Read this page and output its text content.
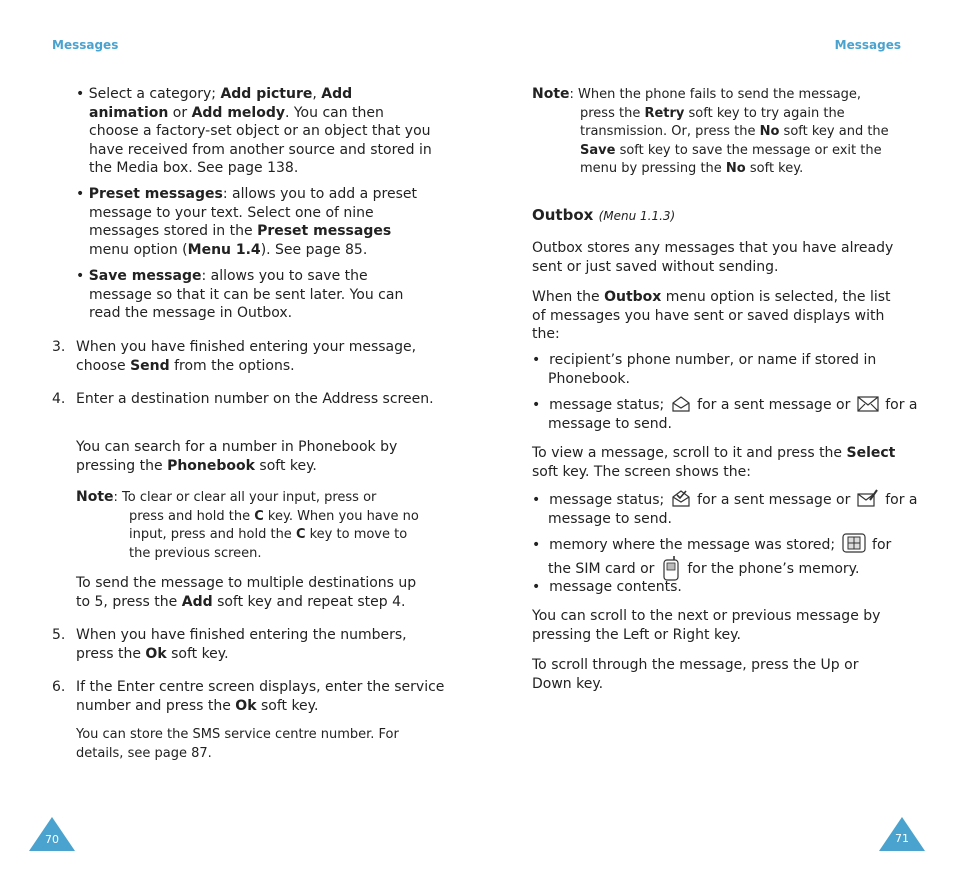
Messages	Messages
• Select a category; Add picture, Add animation or Add melody. You can then choose a factory-set object or an object that you have received from another source and stored in the Media box. See page 138.
• Preset messages: allows you to add a preset message to your text. Select one of nine messages stored in the Preset messages menu option (Menu 1.4). See page 85.
• Save message: allows you to save the message so that it can be sent later. You can read the message in Outbox.
3. When you have finished entering your message, choose Send from the options.
4. Enter a destination number on the Address screen.
You can search for a number in Phonebook by pressing the Phonebook soft key.
Note: To clear or clear all your input, press or
press and hold the C key. When you have no input, press and hold the C key to move to the previous screen.
To send the message to multiple destinations up to 5, press the Add soft key and repeat step 4.
5. When you have finished entering the numbers, press the Ok soft key.
6. If the Enter centre screen displays, enter the service number and press the Ok soft key.
You can store the SMS service centre number. For details, see page 87.
70
Note: When the phone fails to send the message,
press the Retry soft key to try again the transmission. Or, press the No soft key and the Save soft key to save the message or exit the menu by pressing the No soft key.
Outbox (Menu 1.1.3)
Outbox stores any messages that you have already sent or just saved without sending.
When the Outbox menu option is selected, the list of messages you have sent or saved displays with the:
•  recipient’s phone number, or name if stored in Phonebook.
•  message status;  for a sent message or  for a message to send.
To view a message, scroll to it and press the Select soft key. The screen shows the:
•  message status;  for a sent message or  for a message to send.
•  memory where the message was stored;  for the SIM card or  for the phone’s memory.
•  message contents.
You can scroll to the next or previous message by pressing the Left or Right key.
To scroll through the message, press the Up or Down key.
71
